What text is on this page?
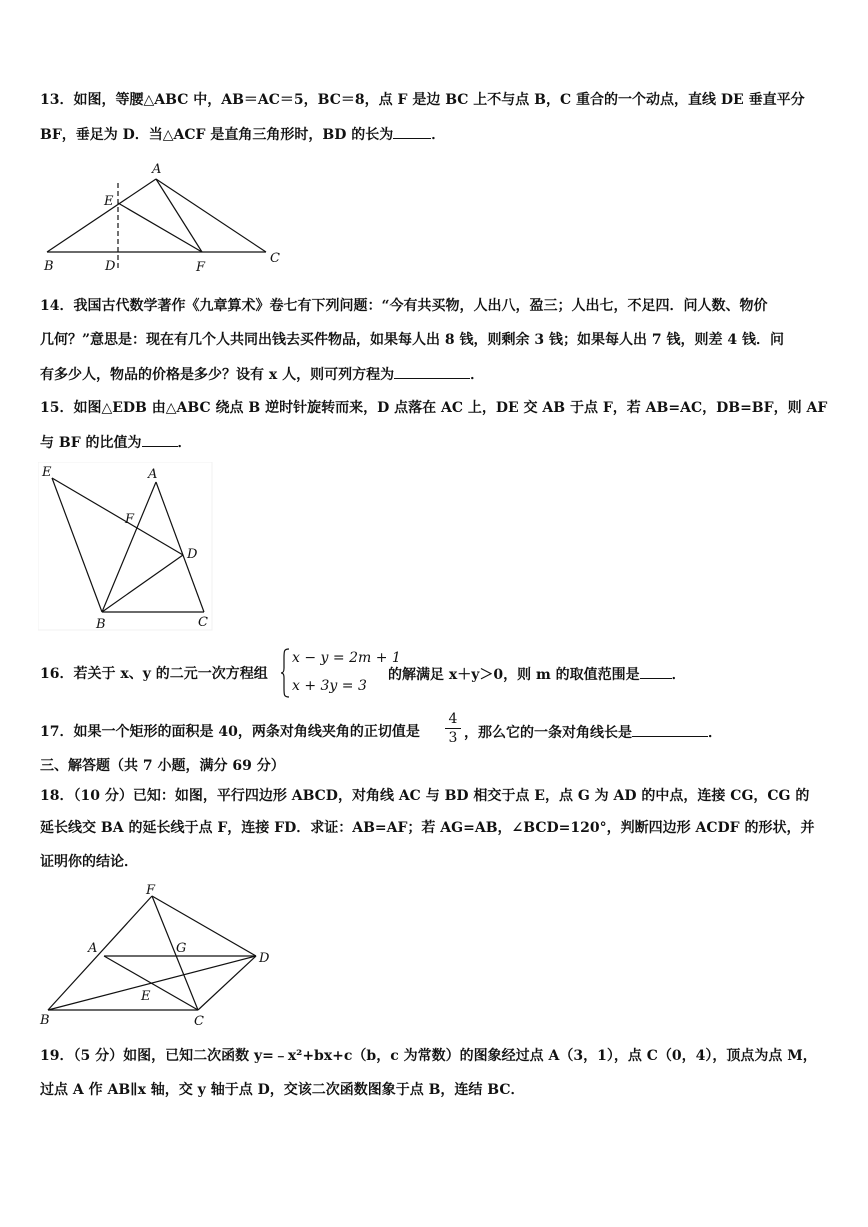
13．如图，等腰△ABC 中，AB＝AC＝5，BC＝8，点 F 是边 BC 上不与点 B，C 重合的一个动点，直线 DE 垂直平分
BF，垂足为 D．当△ACF 是直角三角形时，BD 的长为	．
A
E
B	D	F
C
14．我国古代数学著作《九章算术》卷七有下列问题：“今有共买物，人出八，盈三；人出七，不足四．问人数、物价
几何？”意思是：现在有几个人共同出钱去买件物品，如果每人出 8 钱，则剩余 3 钱；如果每人出 7 钱，则差 4 钱．问
有多少人，物品的价格是多少？设有 x 人，则可列方程为	．
15．如图△EDB 由△ABC 绕点 B 逆时针旋转而来，D 点落在 AC 上，DE 交 AB 于点 F，若 AB=AC，DB=BF，则 AF
与 BF 的比值为	．
E	A
F
D
B	C
16．若关于 x、y 的二元一次方程组
x − y = 2m + 1
x + 3y = 3
的解满足 x＋y＞0，则 m 的取值范围是 ．
17．如果一个矩形的面积是 40，两条对角线夹角的正切值是
4
3 ，那么它的一条对角线长是	．
三、解答题（共 7 小题，满分 69 分）
18．（10 分）已知：如图，平行四边形 ABCD，对角线 AC 与 BD 相交于点 E，点 G 为 AD 的中点，连接 CG，CG 的
延长线交 BA 的延长线于点 F，连接 FD．求证：AB=AF；若 AG=AB，∠BCD=120°，判断四边形 ACDF 的形状，并
证明你的结论．
F
A	G
D
E
B	C
19．（5 分）如图，已知二次函数 y=﹣x²+bx+c（b，c 为常数）的图象经过点 A（3，1），点 C（0，4），顶点为点 M，
过点 A 作 AB∥x 轴，交 y 轴于点 D，交该二次函数图象于点 B，连结 BC．
